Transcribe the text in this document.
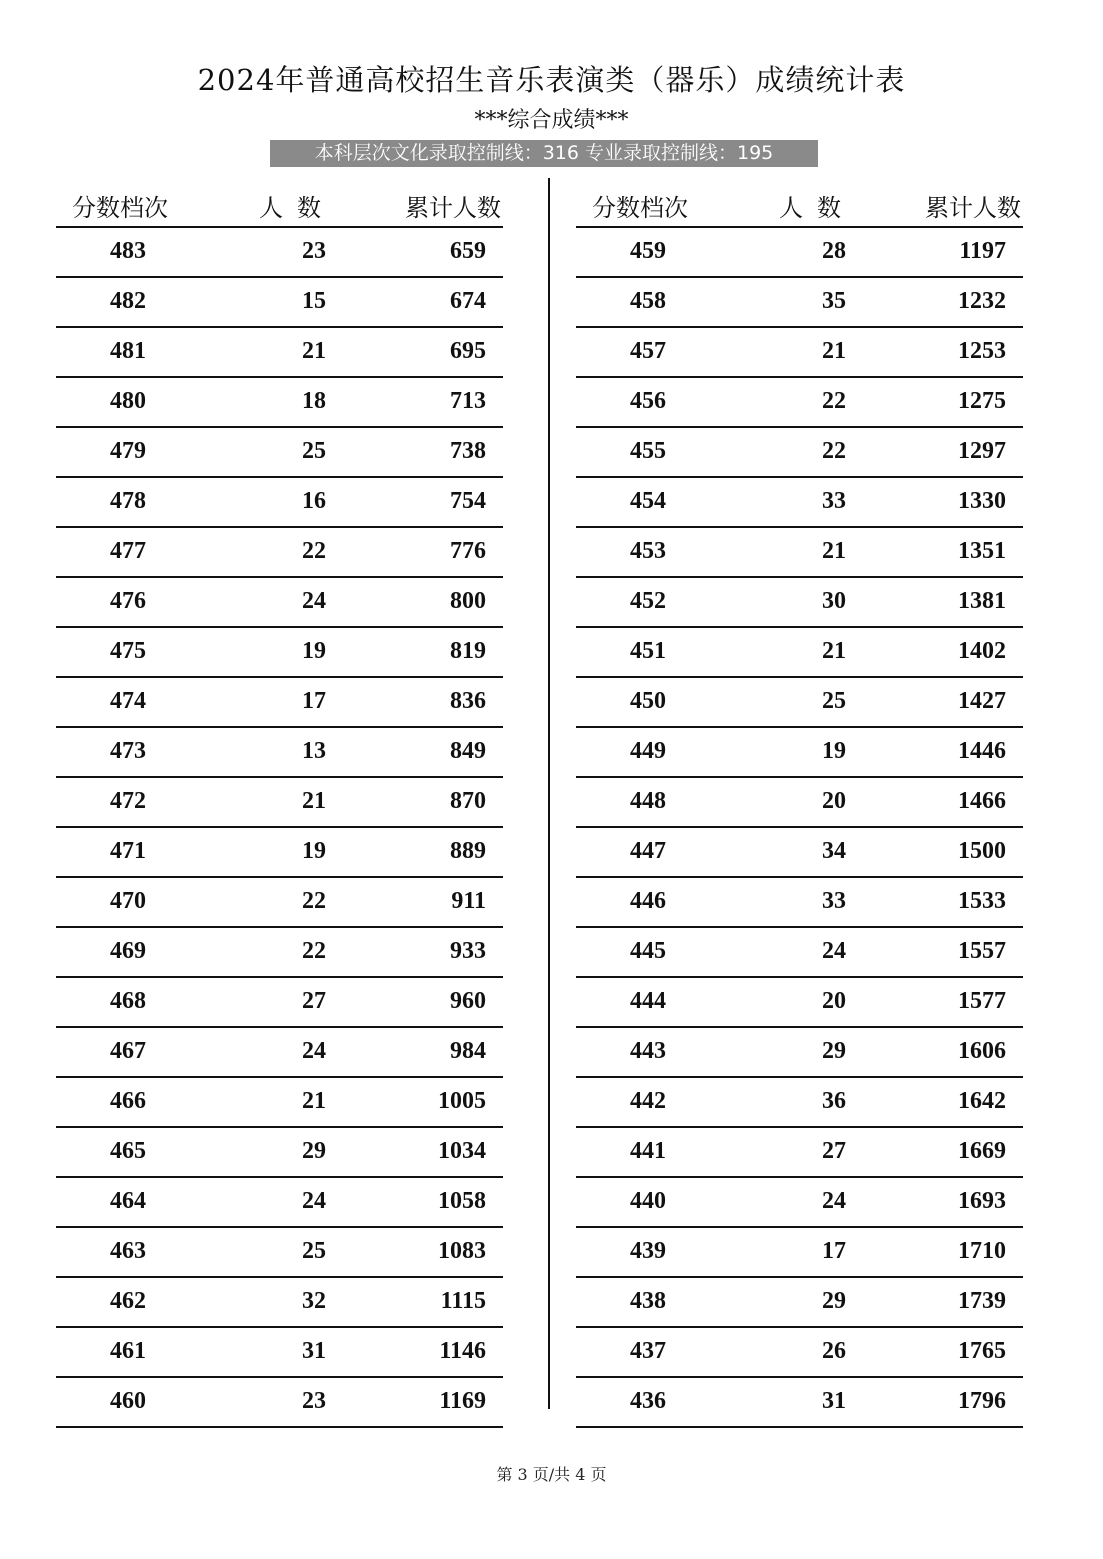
2024年普通高校招生音乐表演类（器乐）成绩统计表
***综合成绩***
本科层次文化录取控制线：316 专业录取控制线：195
分数档次	人数	累计人数
483	23	659
482	15	674
481	21	695
480	18	713
479	25	738
478	16	754
477	22	776
476	24	800
475	19	819
474	17	836
473	13	849
472	21	870
471	19	889
470	22	911
469	22	933
468	27	960
467	24	984
466	21	1005
465	29	1034
464	24	1058
463	25	1083
462	32	1115
461	31	1146
460	23	1169
分数档次	人数	累计人数
459	28	1197
458	35	1232
457	21	1253
456	22	1275
455	22	1297
454	33	1330
453	21	1351
452	30	1381
451	21	1402
450	25	1427
449	19	1446
448	20	1466
447	34	1500
446	33	1533
445	24	1557
444	20	1577
443	29	1606
442	36	1642
441	27	1669
440	24	1693
439	17	1710
438	29	1739
437	26	1765
436	31	1796
第 3 页/共 4 页
